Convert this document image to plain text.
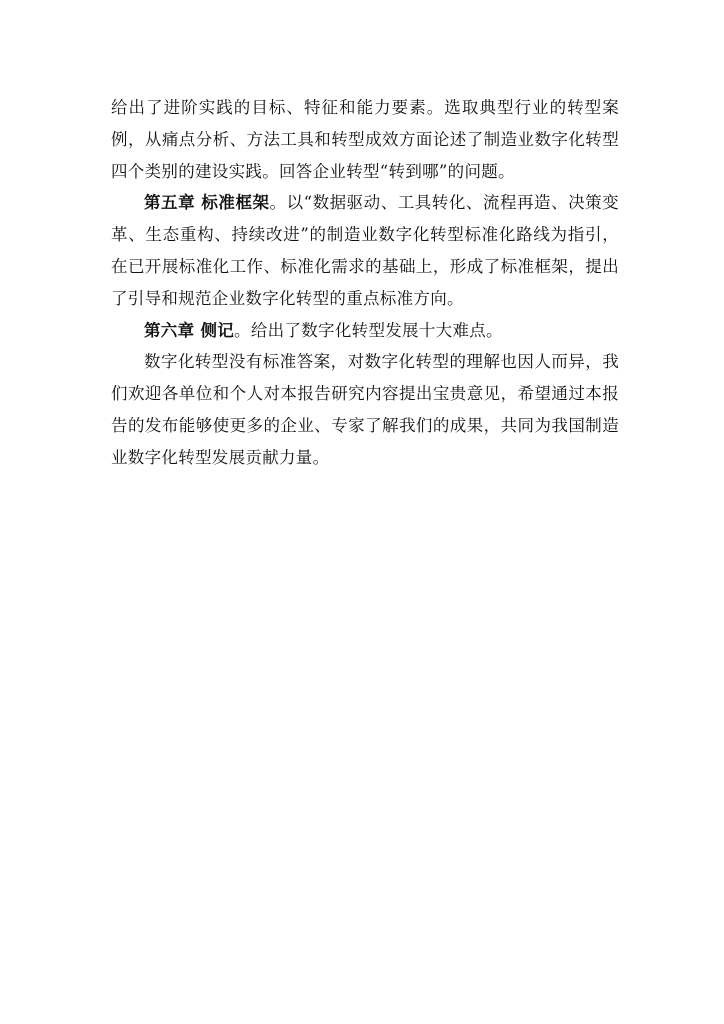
给出了进阶实践的目标、特征和能力要素。选取典型行业的转型案例，从痛点分析、方法工具和转型成效方面论述了制造业数字化转型四个类别的建设实践。回答企业转型“转到哪”的问题。

第五章 标准框架。以“数据驱动、工具转化、流程再造、决策变革、生态重构、持续改进”的制造业数字化转型标准化路线为指引，在已开展标准化工作、标准化需求的基础上，形成了标准框架，提出了引导和规范企业数字化转型的重点标准方向。

第六章 侧记。给出了数字化转型发展十大难点。

数字化转型没有标准答案，对数字化转型的理解也因人而异，我们欢迎各单位和个人对本报告研究内容提出宝贵意见，希望通过本报告的发布能够使更多的企业、专家了解我们的成果，共同为我国制造业数字化转型发展贡献力量。
